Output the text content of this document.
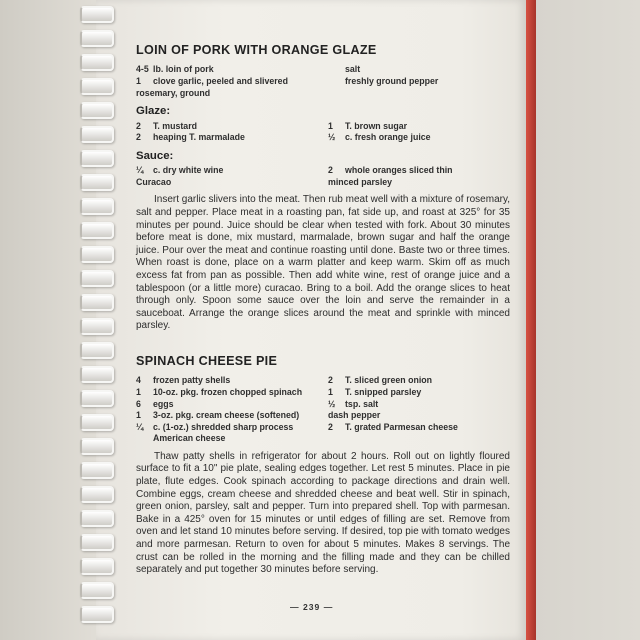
LOIN OF PORK WITH ORANGE GLAZE
4-5 lb. loin of pork	salt
1	clove garlic, peeled and slivered	freshly ground pepper
rosemary, ground
Glaze:
2	T. mustard	1	T. brown sugar
2	heaping T. marmalade	½	c. fresh orange juice
Sauce:
¼	c. dry white wine	2	whole oranges sliced thin
Curacao	minced parsley

Insert garlic slivers into the meat. Then rub meat well with a mixture of rosemary, salt and pepper. Place meat in a roasting pan, fat side up, and roast at 325° for 35 minutes per pound. Juice should be clear when tested with fork. About 30 minutes before meat is done, mix mustard, marmalade, brown sugar and half the orange juice. Pour over the meat and continue roasting until done. Baste two or three times. When roast is done, place on a warm platter and keep warm. Skim off as much excess fat from pan as possible. Then add white wine, rest of orange juice and a tablespoon (or a little more) curacao. Bring to a boil. Add the orange slices to heat through only. Spoon some sauce over the loin and serve the remainder in a sauceboat. Arrange the orange slices around the meat and sprinkle with minced parsley.

SPINACH CHEESE PIE
4	frozen patty shells	2	T. sliced green onion
1	10-oz. pkg. frozen chopped spinach	1	T. snipped parsley
6	eggs	½	tsp. salt
1	3-oz. pkg. cream cheese (softened)	dash pepper
¼	c. (1-oz.) shredded sharp process	2	T. grated Parmesan cheese
American cheese

Thaw patty shells in refrigerator for about 2 hours. Roll out on lightly floured surface to fit a 10" pie plate, sealing edges together. Let rest 5 minutes. Place in pie plate, flute edges. Cook spinach according to package directions and drain well. Combine eggs, cream cheese and shredded cheese and beat well. Stir in spinach, green onion, parsley, salt and pepper. Turn into prepared shell. Top with parmesan. Bake in a 425° oven for 15 minutes or until edges of filling are set. Remove from oven and let stand 10 minutes before serving. If desired, top pie with tomato wedges and more parmesan. Return to oven for about 5 minutes. Makes 8 servings. The crust can be rolled in the morning and the filling made and they can be chilled separately and put together 30 minutes before serving.

— 239 —
